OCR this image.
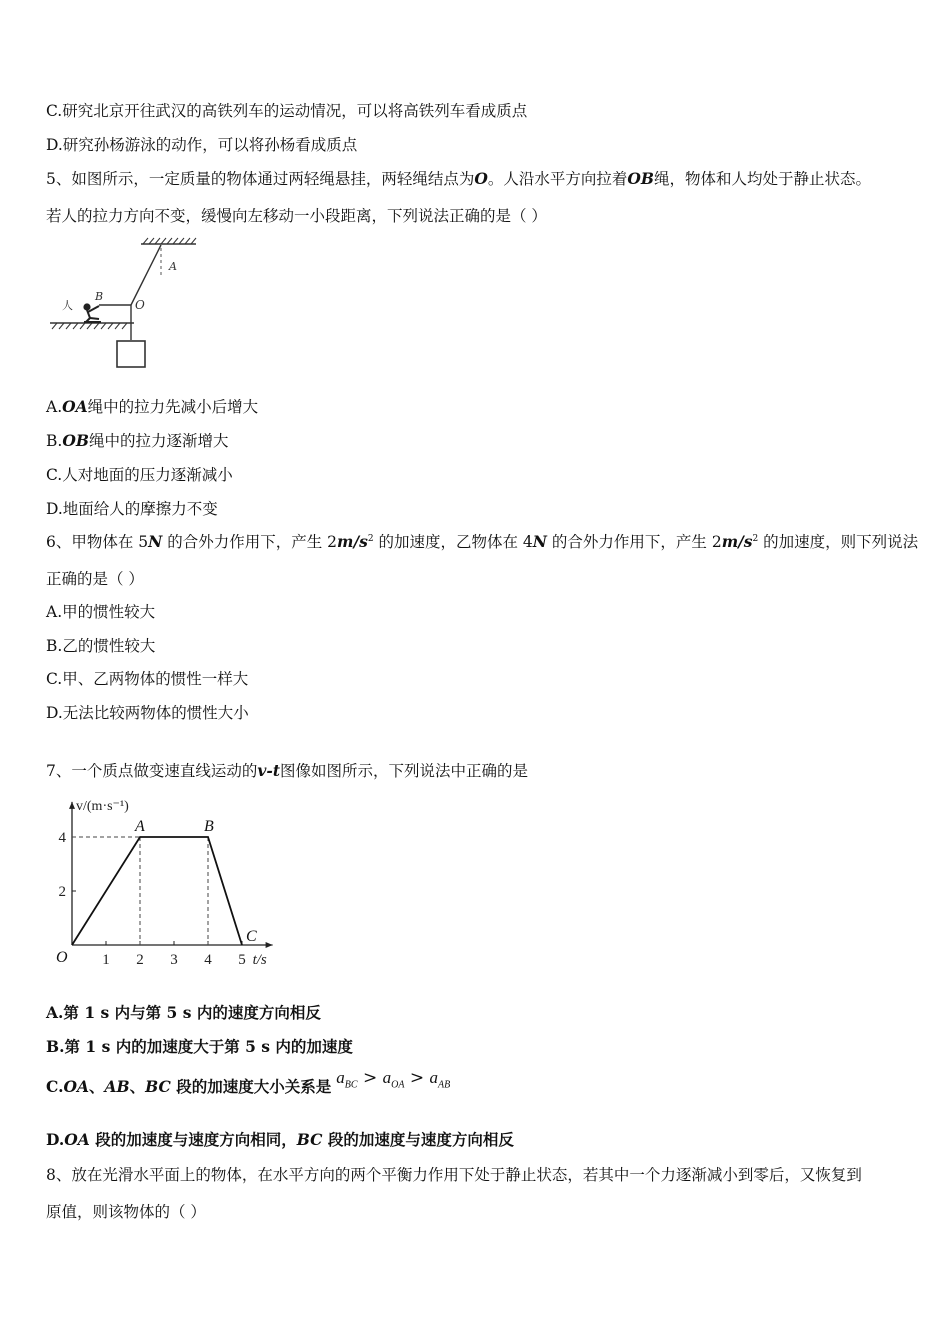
C.研究北京开往武汉的高铁列车的运动情况，可以将高铁列车看成质点

D.研究孙杨游泳的动作，可以将孙杨看成质点

5、如图所示，一定质量的物体通过两轻绳悬挂，两轻绳结点为O。人沿水平方向拉着OB绳，物体和人均处于静止状态。

若人的拉力方向不变，缓慢向左移动一小段距离，下列说法正确的是（ ）

A
O
B
人

A.OA绳中的拉力先减小后增大

B.OB绳中的拉力逐渐增大

C.人对地面的压力逐渐减小

D.地面给人的摩擦力不变

6、甲物体在 5N 的合外力作用下，产生 $2m/s^2$ 的加速度，乙物体在 4N 的合外力作用下，产生 $2m/s^2$ 的加速度，则下列说法

正确的是（ ）

A.甲的惯性较大

B.乙的惯性较大

C.甲、乙两物体的惯性一样大

D.无法比较两物体的惯性大小

7、一个质点做变速直线运动的v-t图像如图所示，下列说法中正确的是

v/(m·s⁻¹)
t/s
1 2 3 4 5
2
4
O
A	B
C

A.第 1 s 内与第 5 s 内的速度方向相反

B.第 1 s 内的加速度大于第 5 s 内的加速度

C.OA、AB、BC 段的加速度大小关系是 $a_{BC} > a_{OA} > a_{AB}$

D.OA 段的加速度与速度方向相同，BC 段的加速度与速度方向相反

8、放在光滑水平面上的物体，在水平方向的两个平衡力作用下处于静止状态，若其中一个力逐渐减小到零后，又恢复到

原值，则该物体的（ ）
